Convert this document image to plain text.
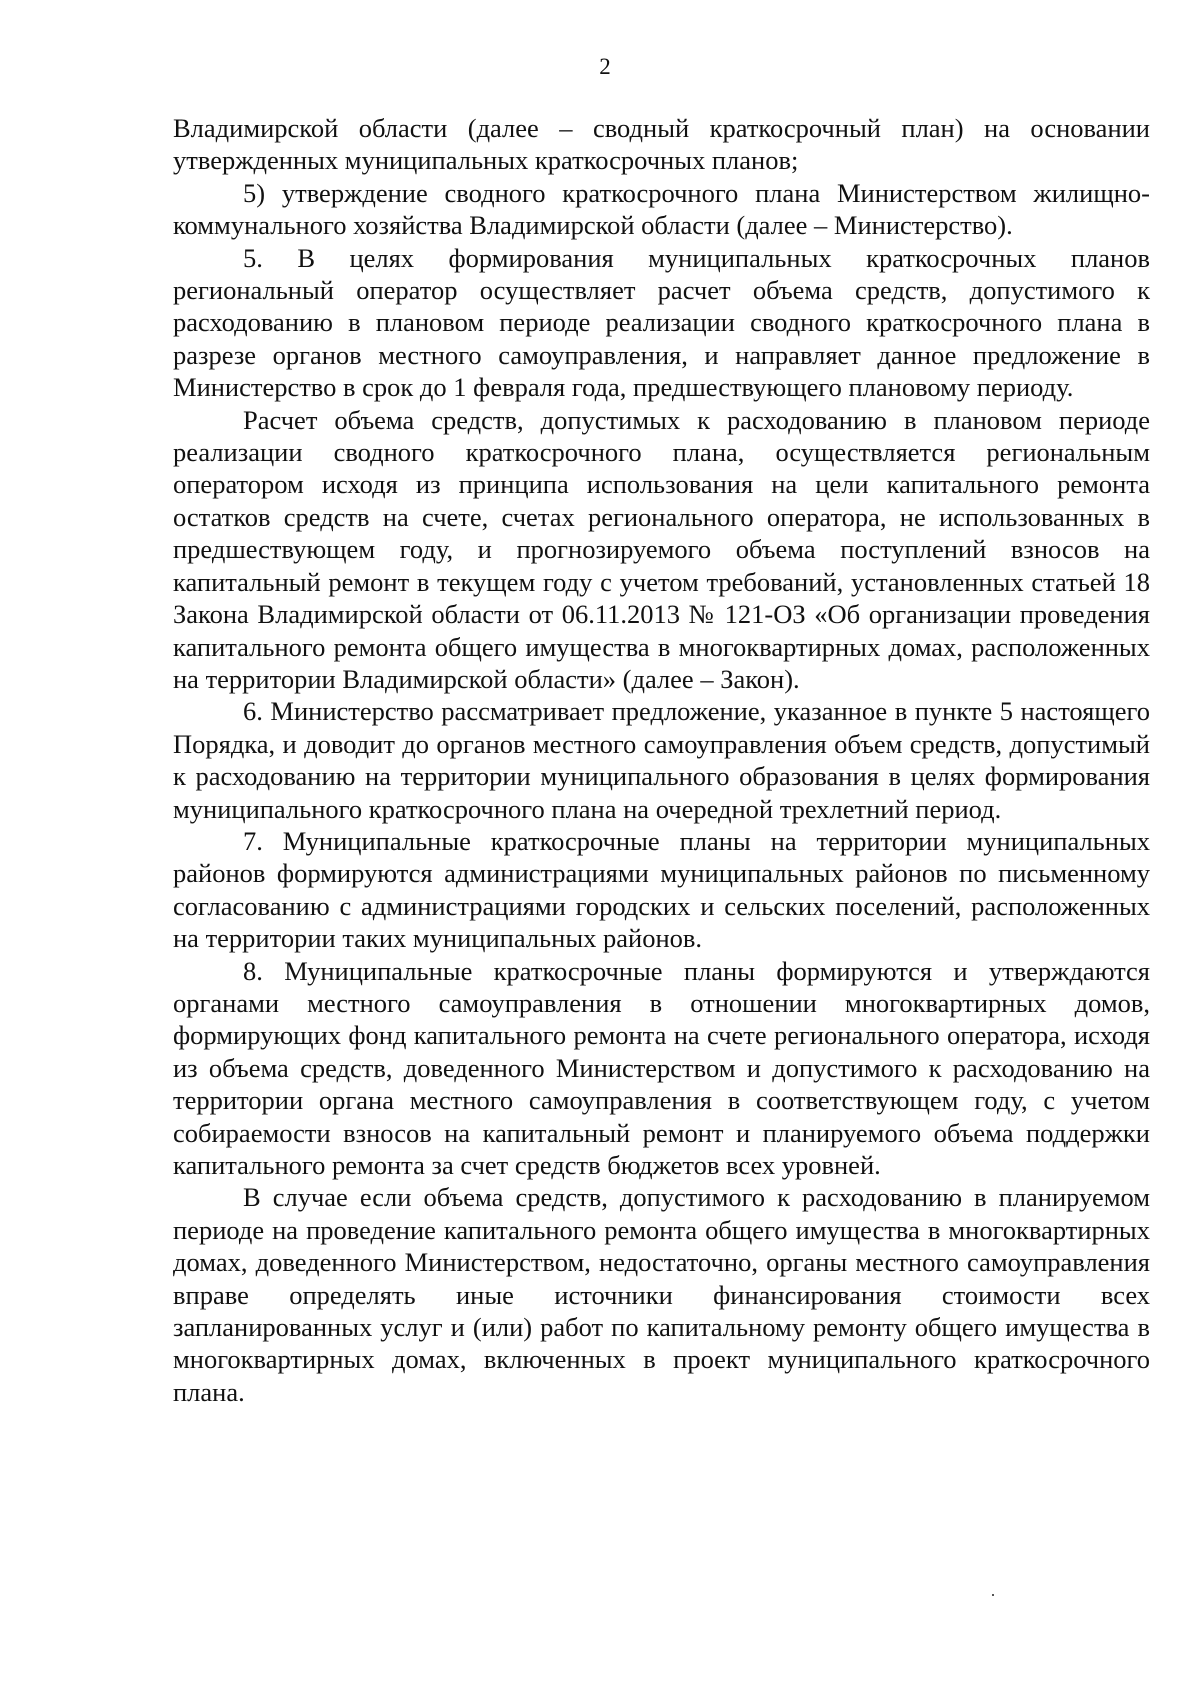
2

Владимирской области (далее – сводный краткосрочный план) на основании утвержденных муниципальных краткосрочных планов;

5) утверждение сводного краткосрочного плана Министерством жилищно-коммунального хозяйства Владимирской области (далее – Министерство).

5. В целях формирования муниципальных краткосрочных планов региональный оператор осуществляет расчет объема средств, допустимого к расходованию в плановом периоде реализации сводного краткосрочного плана в разрезе органов местного самоуправления, и направляет данное предложение в Министерство в срок до 1 февраля года, предшествующего плановому периоду.

Расчет объема средств, допустимых к расходованию в плановом периоде реализации сводного краткосрочного плана, осуществляется региональным оператором исходя из принципа использования на цели капитального ремонта остатков средств на счете, счетах регионального оператора, не использованных в предшествующем году, и прогнозируемого объема поступлений взносов на капитальный ремонт в текущем году с учетом требований, установленных статьей 18 Закона Владимирской области от 06.11.2013 № 121-ОЗ «Об организации проведения капитального ремонта общего имущества в многоквартирных домах, расположенных на территории Владимирской области» (далее – Закон).

6. Министерство рассматривает предложение, указанное в пункте 5 настоящего Порядка, и доводит до органов местного самоуправления объем средств, допустимый к расходованию на территории муниципального образования в целях формирования муниципального краткосрочного плана на очередной трехлетний период.

7. Муниципальные краткосрочные планы на территории муниципальных районов формируются администрациями муниципальных районов по письменному согласованию с администрациями городских и сельских поселений, расположенных на территории таких муниципальных районов.

8. Муниципальные краткосрочные планы формируются и утверждаются органами местного самоуправления в отношении многоквартирных домов, формирующих фонд капитального ремонта на счете регионального оператора, исходя из объема средств, доведенного Министерством и допустимого к расходованию на территории органа местного самоуправления в соответствующем году, с учетом собираемости взносов на капитальный ремонт и планируемого объема поддержки капитального ремонта за счет средств бюджетов всех уровней.

В случае если объема средств, допустимого к расходованию в планируемом периоде на проведение капитального ремонта общего имущества в многоквартирных домах, доведенного Министерством, недостаточно, органы местного самоуправления вправе определять иные источники финансирования стоимости всех запланированных услуг и (или) работ по капитальному ремонту общего имущества в многоквартирных домах, включенных в проект муниципального краткосрочного плана.
